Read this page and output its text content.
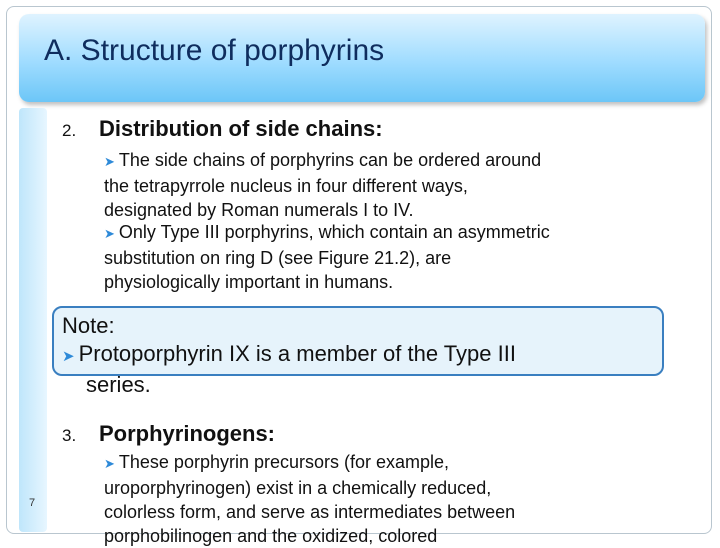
A. Structure of porphyrins
2. Distribution of side chains:
➤ The side chains of porphyrins can be ordered around
the tetrapyrrole nucleus in four different ways,
designated by Roman numerals I to IV.
➤ Only Type III porphyrins, which contain an asymmetric
substitution on ring D (see Figure 21.2), are
physiologically important in humans.
Note:
➤ Protoporphyrin IX is a member of the Type III
series.
3. Porphyrinogens:
➤ These porphyrin precursors (for example,
uroporphyrinogen) exist in a chemically reduced,
colorless form, and serve as intermediates between
porphobilinogen and the oxidized, colored
7
